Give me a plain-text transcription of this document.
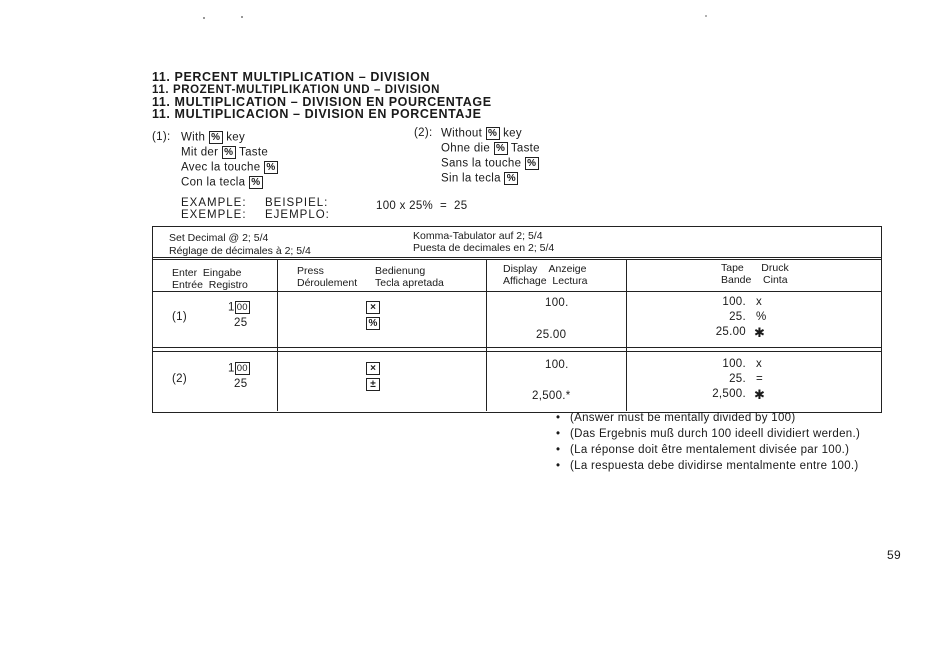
11. PERCENT MULTIPLICATION – DIVISION
11. PROZENT-MULTIPLIKATION UND – DIVISION
11. MULTIPLICATION – DIVISION EN POURCENTAGE
11. MULTIPLICACION – DIVISION EN PORCENTAJE
(1): With % key
Mit der % Taste
Avec la touche %
Con la tecla %
(2): Without % key
Ohne die % Taste
Sans la touche %
Sin la tecla %
EXAMPLE: BEISPIEL:
EXEMPLE: EJEMPLO:
100 x 25%  =  25
Set Decimal @ 2; 5/4
Réglage de décimales à 2; 5/4
Komma-Tabulator auf 2; 5/4
Puesta de decimales en 2; 5/4
Enter  Eingabe
Entrée  Registro
Press	Bedienung
Déroulement Tecla apretada
Display    Anzeige
Affichage  Lectura
Tape      Druck
Bande    Cinta
(1)
1 00
25
×
%
100.
25.00
100. x
25. %
25.00 ✱
(2)
1 00
25
×
±
100.
2,500.*
100. x
25. =
2,500. ✱
• (Answer must be mentally divided by 100)
• (Das Ergebnis muß durch 100 ideell dividiert werden.)
• (La réponse doit être mentalement divisée par 100.)
• (La respuesta debe dividirse mentalmente entre 100.)
59
